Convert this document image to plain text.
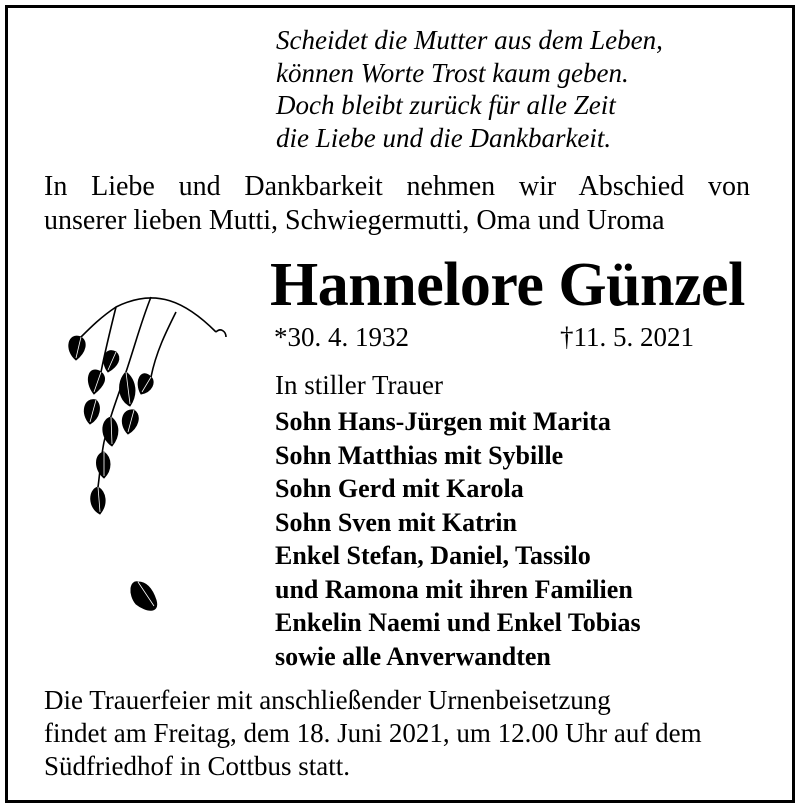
Scheidet die Mutter aus dem Leben,
können Worte Trost kaum geben.
Doch bleibt zurück für alle Zeit
die Liebe und die Dankbarkeit.
In Liebe und Dankbarkeit nehmen wir Abschied von
unserer lieben Mutti, Schwiegermutti, Oma und Uroma
Hannelore Günzel
*30. 4. 1932	†11. 5. 2021
In stiller Trauer
Sohn Hans-Jürgen mit Marita
Sohn Matthias mit Sybille
Sohn Gerd mit Karola
Sohn Sven mit Katrin
Enkel Stefan, Daniel, Tassilo
und Ramona mit ihren Familien
Enkelin Naemi und Enkel Tobias
sowie alle Anverwandten
Die Trauerfeier mit anschließender Urnenbeisetzung
findet am Freitag, dem 18. Juni 2021, um 12.00 Uhr auf dem
Südfriedhof in Cottbus statt.
